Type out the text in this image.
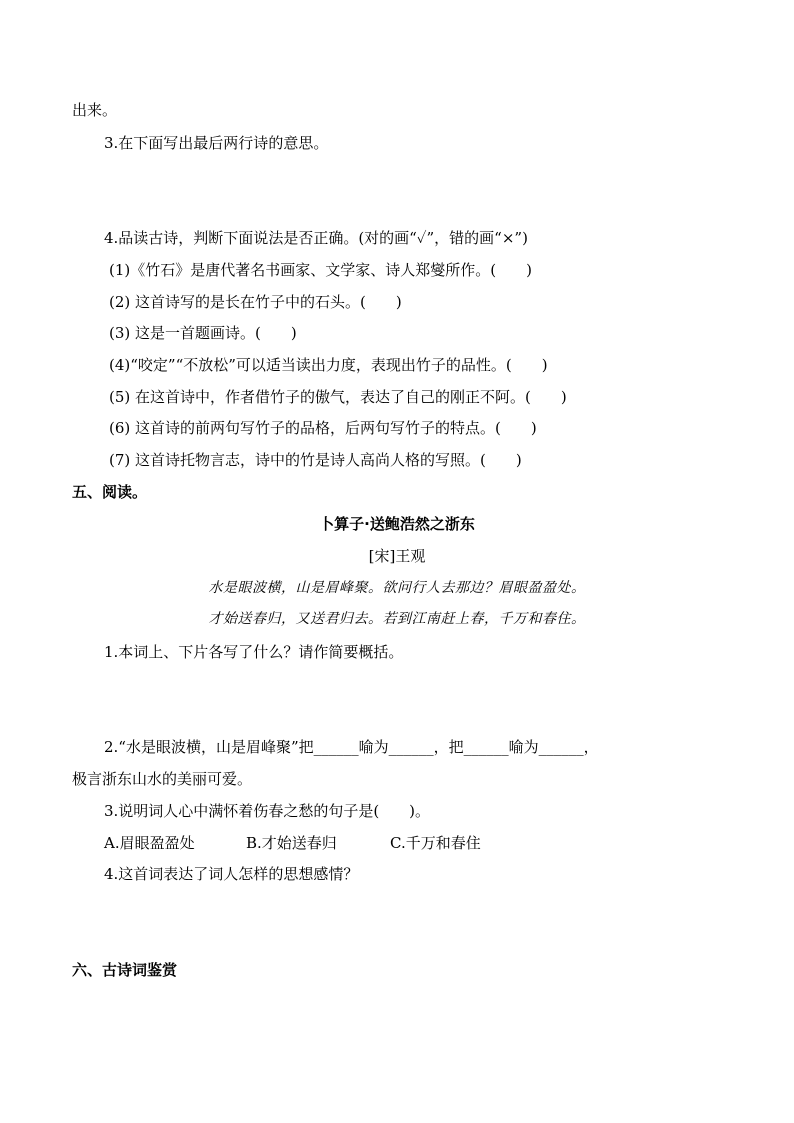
出来。
3.在下面写出最后两行诗的意思。
4.品读古诗，判断下面说法是否正确。(对的画“✓”，错的画“×”)
(1)《竹石》是唐代著名书画家、文学家、诗人郑燮所作。(　　)
(2) 这首诗写的是长在竹子中的石头。(　　)
(3) 这是一首题画诗。(　　)
(4)“咬定”“不放松”可以适当读出力度，表现出竹子的品性。(　　)
(5) 在这首诗中，作者借竹子的傲气，表达了自己的刚正不阿。(　　)
(6) 这首诗的前两句写竹子的品格，后两句写竹子的特点。(　　)
(7) 这首诗托物言志，诗中的竹是诗人高尚人格的写照。(　　)
五、阅读。
卜算子·送鲍浩然之浙东
[宋]王观
水是眼波横，山是眉峰聚。欲问行人去那边？眉眼盈盈处。
才始送春归，又送君归去。若到江南赶上春，千万和春住。
1.本词上、下片各写了什么？请作简要概括。
2.“水是眼波横，山是眉峰聚”把______喻为______，把______喻为______，
极言浙东山水的美丽可爱。
3.说明词人心中满怀着伤春之愁的句子是(　　)。
A.眉眼盈盈处	B.才始送春归	C.千万和春住
4.这首词表达了词人怎样的思想感情？
六、古诗词鉴赏
